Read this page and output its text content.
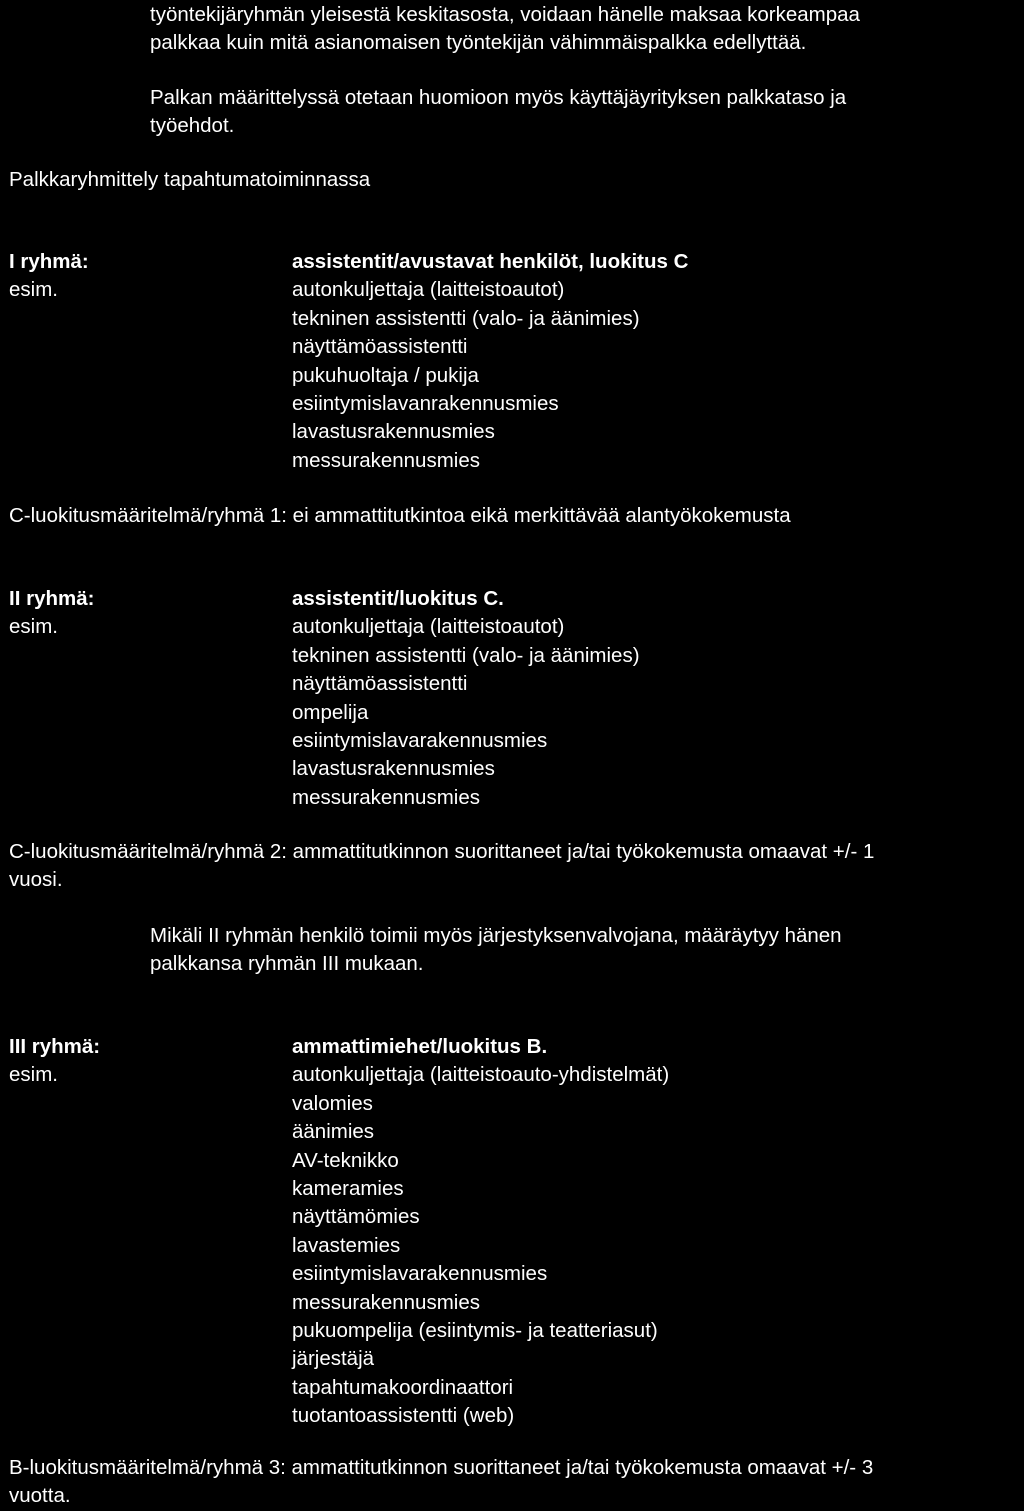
työntekijäryhmän yleisestä keskitasosta, voidaan hänelle maksaa korkeampaa
palkkaa kuin mitä asianomaisen työntekijän vähimmäispalkka edellyttää.
Palkan määrittelyssä otetaan huomioon myös käyttäjäyrityksen palkkataso ja
työehdot.
Palkkaryhmittely tapahtumatoiminnassa
I ryhmä:
esim.
assistentit/avustavat henkilöt, luokitus C
autonkuljettaja (laitteistoautot)
tekninen assistentti (valo- ja äänimies)
näyttämöassistentti
pukuhuoltaja / pukija
esiintymislavanrakennusmies
lavastusrakennusmies
messurakennusmies
C-luokitusmääritelmä/ryhmä 1: ei ammattitutkintoa eikä merkittävää alantyökokemusta
II ryhmä:
esim.
assistentit/luokitus C.
autonkuljettaja (laitteistoautot)
tekninen assistentti (valo- ja äänimies)
näyttämöassistentti
ompelija
esiintymislavarakennusmies
lavastusrakennusmies
messurakennusmies
C-luokitusmääritelmä/ryhmä 2: ammattitutkinnon suorittaneet ja/tai työkokemusta omaavat +/- 1
vuosi.
Mikäli II ryhmän henkilö toimii myös järjestyksenvalvojana, määräytyy hänen
palkkansa ryhmän III mukaan.
III ryhmä:
esim.
ammattimiehet/luokitus B.
autonkuljettaja (laitteistoauto-yhdistelmät)
valomies
äänimies
AV-teknikko
kameramies
näyttämömies
lavastemies
esiintymislavarakennusmies
messurakennusmies
pukuompelija (esiintymis- ja teatteriasut)
järjestäjä
tapahtumakoordinaattori
tuotantoassistentti (web)
B-luokitusmääritelmä/ryhmä 3: ammattitutkinnon suorittaneet ja/tai työkokemusta omaavat +/- 3
vuotta.
